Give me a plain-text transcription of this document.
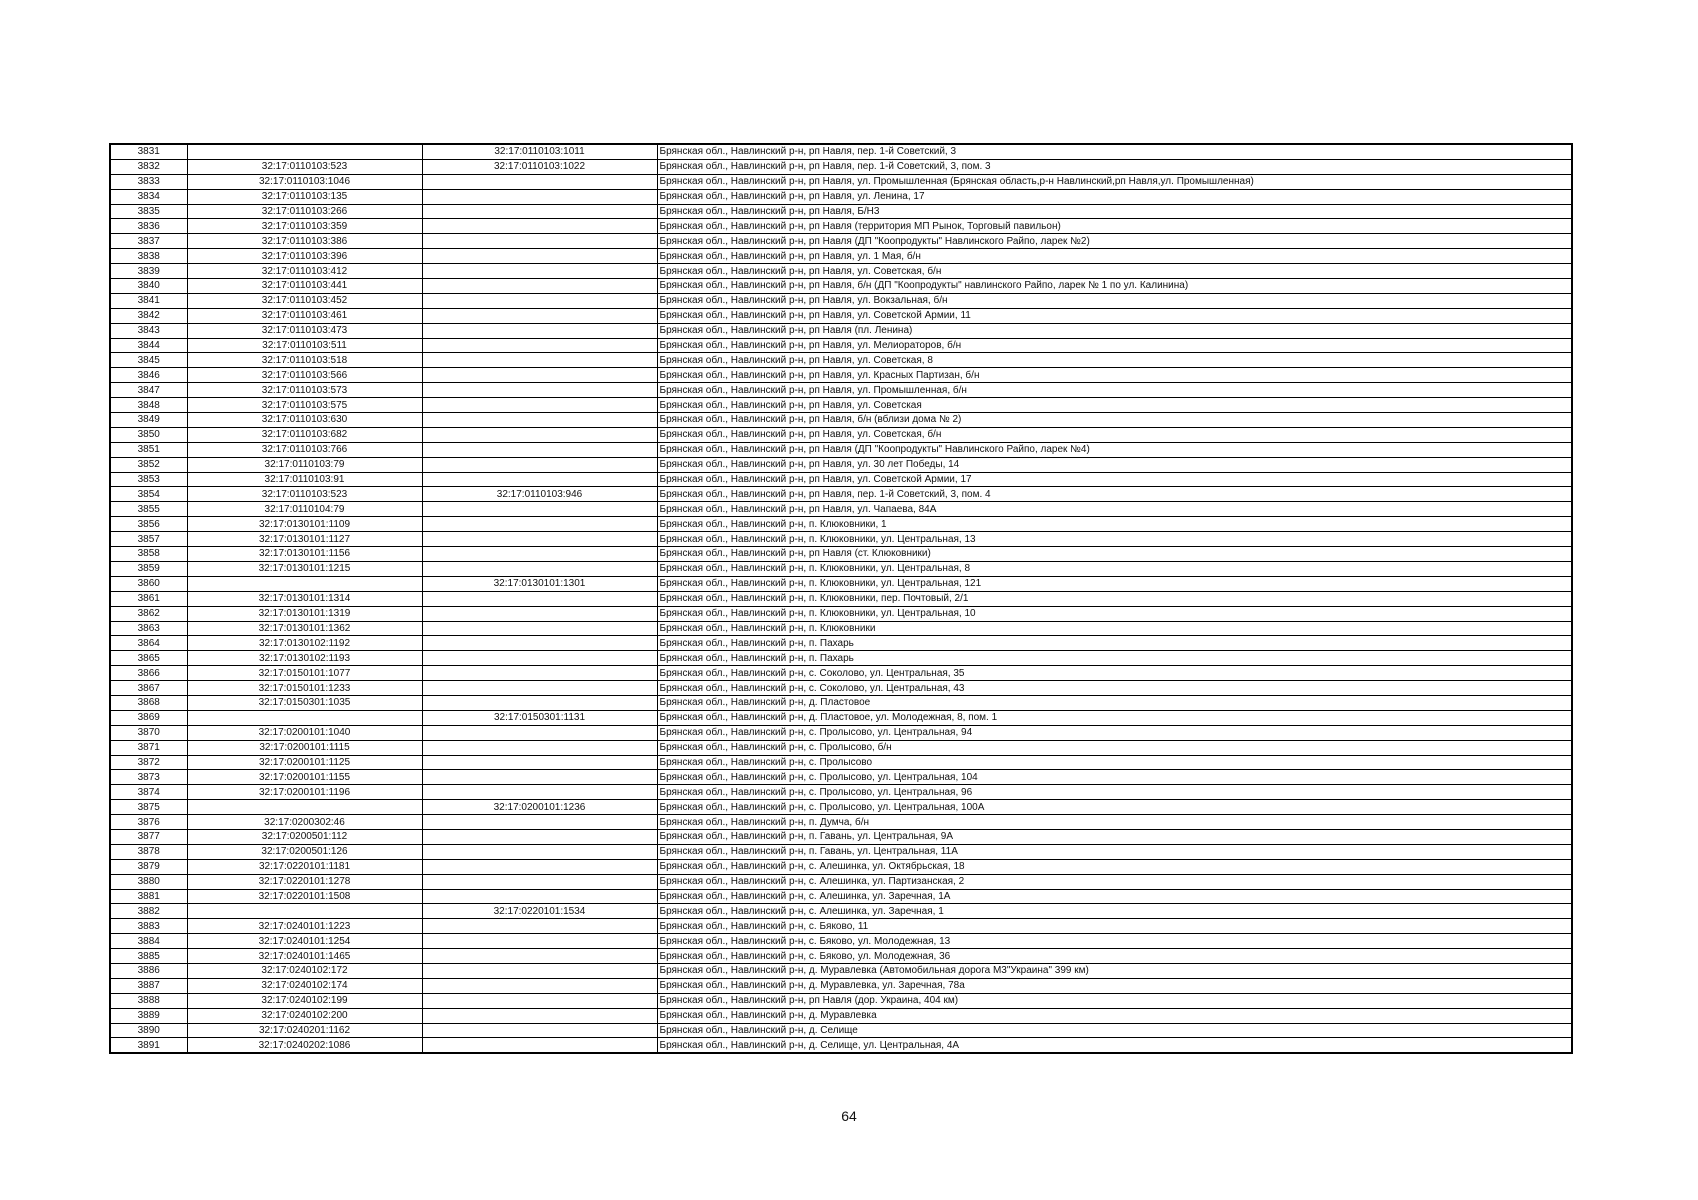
3831		32:17:0110103:1011	Брянская обл., Навлинский р-н, рп Навля, пер. 1-й Советский, 3
3832	32:17:0110103:523	32:17:0110103:1022	Брянская обл., Навлинский р-н, рп Навля, пер. 1-й Советский, 3, пом. 3
3833	32:17:0110103:1046		Брянская обл., Навлинский р-н, рп Навля, ул. Промышленная (Брянская область,р-н Навлинский,рп Навля,ул. Промышленная)
3834	32:17:0110103:135		Брянская обл., Навлинский р-н, рп Навля, ул. Ленина, 17
3835	32:17:0110103:266		Брянская обл., Навлинский р-н, рп Навля, Б/Н3
3836	32:17:0110103:359		Брянская обл., Навлинский р-н, рп Навля (территория МП Рынок, Торговый павильон)
3837	32:17:0110103:386		Брянская обл., Навлинский р-н, рп Навля (ДП "Коопродукты" Навлинского Райпо, ларек №2)
3838	32:17:0110103:396		Брянская обл., Навлинский р-н, рп Навля, ул. 1 Мая, б/н
3839	32:17:0110103:412		Брянская обл., Навлинский р-н, рп Навля, ул. Советская, б/н
3840	32:17:0110103:441		Брянская обл., Навлинский р-н, рп Навля, б/н (ДП "Коопродукты" навлинского Райпо, ларек № 1 по ул. Калинина)
3841	32:17:0110103:452		Брянская обл., Навлинский р-н, рп Навля, ул. Вокзальная, б/н
3842	32:17:0110103:461		Брянская обл., Навлинский р-н, рп Навля, ул. Советской Армии, 11
3843	32:17:0110103:473		Брянская обл., Навлинский р-н, рп Навля (пл. Ленина)
3844	32:17:0110103:511		Брянская обл., Навлинский р-н, рп Навля, ул. Мелиораторов, б/н
3845	32:17:0110103:518		Брянская обл., Навлинский р-н, рп Навля, ул. Советская, 8
3846	32:17:0110103:566		Брянская обл., Навлинский р-н, рп Навля, ул. Красных Партизан, б/н
3847	32:17:0110103:573		Брянская обл., Навлинский р-н, рп Навля, ул. Промышленная, б/н
3848	32:17:0110103:575		Брянская обл., Навлинский р-н, рп Навля, ул. Советская
3849	32:17:0110103:630		Брянская обл., Навлинский р-н, рп Навля, б/н (вблизи дома № 2)
3850	32:17:0110103:682		Брянская обл., Навлинский р-н, рп Навля, ул. Советская, б/н
3851	32:17:0110103:766		Брянская обл., Навлинский р-н, рп Навля (ДП "Коопродукты" Навлинского Райпо, ларек №4)
3852	32:17:0110103:79		Брянская обл., Навлинский р-н, рп Навля, ул. 30 лет Победы, 14
3853	32:17:0110103:91		Брянская обл., Навлинский р-н, рп Навля, ул. Советской Армии, 17
3854	32:17:0110103:523	32:17:0110103:946	Брянская обл., Навлинский р-н, рп Навля, пер. 1-й Советский, 3, пом. 4
3855	32:17:0110104:79		Брянская обл., Навлинский р-н, рп Навля, ул. Чапаева, 84А
3856	32:17:0130101:1109		Брянская обл., Навлинский р-н, п. Клюковники, 1
3857	32:17:0130101:1127		Брянская обл., Навлинский р-н, п. Клюковники, ул. Центральная, 13
3858	32:17:0130101:1156		Брянская обл., Навлинский р-н, рп Навля (ст. Клюковники)
3859	32:17:0130101:1215		Брянская обл., Навлинский р-н, п. Клюковники, ул. Центральная, 8
3860		32:17:0130101:1301	Брянская обл., Навлинский р-н, п. Клюковники, ул. Центральная, 121
3861	32:17:0130101:1314		Брянская обл., Навлинский р-н, п. Клюковники, пер. Почтовый, 2/1
3862	32:17:0130101:1319		Брянская обл., Навлинский р-н, п. Клюковники, ул. Центральная, 10
3863	32:17:0130101:1362		Брянская обл., Навлинский р-н, п. Клюковники
3864	32:17:0130102:1192		Брянская обл., Навлинский р-н, п. Пахарь
3865	32:17:0130102:1193		Брянская обл., Навлинский р-н, п. Пахарь
3866	32:17:0150101:1077		Брянская обл., Навлинский р-н, с. Соколово, ул. Центральная, 35
3867	32:17:0150101:1233		Брянская обл., Навлинский р-н, с. Соколово, ул. Центральная, 43
3868	32:17:0150301:1035		Брянская обл., Навлинский р-н, д. Пластовое
3869		32:17:0150301:1131	Брянская обл., Навлинский р-н, д. Пластовое, ул. Молодежная, 8, пом. 1
3870	32:17:0200101:1040		Брянская обл., Навлинский р-н, с. Пролысово, ул. Центральная, 94
3871	32:17:0200101:1115		Брянская обл., Навлинский р-н, с. Пролысово, б/н
3872	32:17:0200101:1125		Брянская обл., Навлинский р-н, с. Пролысово
3873	32:17:0200101:1155		Брянская обл., Навлинский р-н, с. Пролысово, ул. Центральная, 104
3874	32:17:0200101:1196		Брянская обл., Навлинский р-н, с. Пролысово, ул. Центральная, 96
3875		32:17:0200101:1236	Брянская обл., Навлинский р-н, с. Пролысово, ул. Центральная, 100А
3876	32:17:0200302:46		Брянская обл., Навлинский р-н, п. Думча, б/н
3877	32:17:0200501:112		Брянская обл., Навлинский р-н, п. Гавань, ул. Центральная, 9А
3878	32:17:0200501:126		Брянская обл., Навлинский р-н, п. Гавань, ул. Центральная, 11А
3879	32:17:0220101:1181		Брянская обл., Навлинский р-н, с. Алешинка, ул. Октябрьская, 18
3880	32:17:0220101:1278		Брянская обл., Навлинский р-н, с. Алешинка, ул. Партизанская, 2
3881	32:17:0220101:1508		Брянская обл., Навлинский р-н, с. Алешинка, ул. Заречная, 1А
3882		32:17:0220101:1534	Брянская обл., Навлинский р-н, с. Алешинка, ул. Заречная, 1
3883	32:17:0240101:1223		Брянская обл., Навлинский р-н, с. Бяково, 11
3884	32:17:0240101:1254		Брянская обл., Навлинский р-н, с. Бяково, ул. Молодежная, 13
3885	32:17:0240101:1465		Брянская обл., Навлинский р-н, с. Бяково, ул. Молодежная, 36
3886	32:17:0240102:172		Брянская обл., Навлинский р-н, д. Муравлевка (Автомобильная дорога М3"Украина" 399 км)
3887	32:17:0240102:174		Брянская обл., Навлинский р-н, д. Муравлевка, ул. Заречная, 78а
3888	32:17:0240102:199		Брянская обл., Навлинский р-н, рп Навля (дор. Украина, 404 км)
3889	32:17:0240102:200		Брянская обл., Навлинский р-н, д. Муравлевка
3890	32:17:0240201:1162		Брянская обл., Навлинский р-н, д. Селище
3891	32:17:0240202:1086		Брянская обл., Навлинский р-н, д. Селище, ул. Центральная, 4А
64
